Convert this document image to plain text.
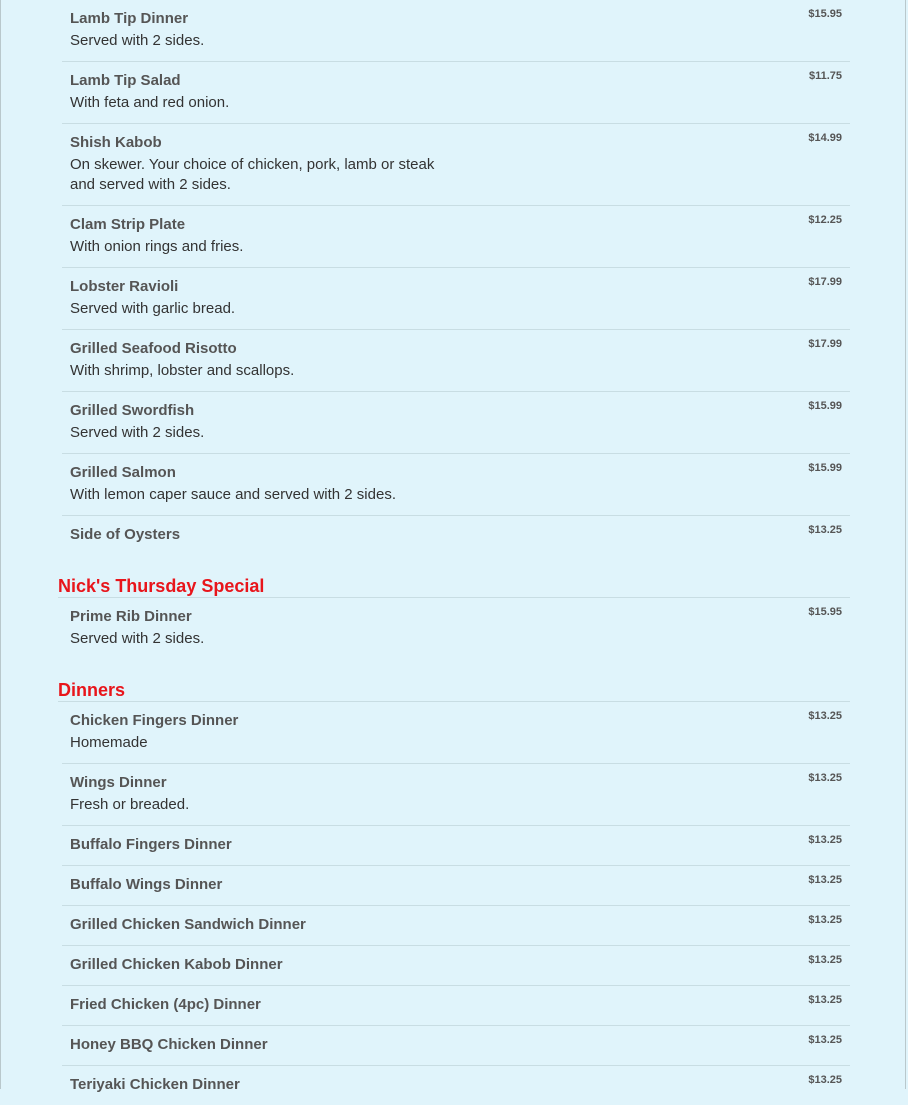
Lamb Tip Dinner
Served with 2 sides.
$15.95
Lamb Tip Salad
With feta and red onion.
$11.75
Shish Kabob
On skewer. Your choice of chicken, pork, lamb or steak and served with 2 sides.
$14.99
Clam Strip Plate
With onion rings and fries.
$12.25
Lobster Ravioli
Served with garlic bread.
$17.99
Grilled Seafood Risotto
With shrimp, lobster and scallops.
$17.99
Grilled Swordfish
Served with 2 sides.
$15.99
Grilled Salmon
With lemon caper sauce and served with 2 sides.
$15.99
Side of Oysters	$13.25
Nick's Thursday Special
Prime Rib Dinner
Served with 2 sides.
$15.95
Dinners
Chicken Fingers Dinner
Homemade
$13.25
Wings Dinner
Fresh or breaded.
$13.25
Buffalo Fingers Dinner	$13.25
Buffalo Wings Dinner	$13.25
Grilled Chicken Sandwich Dinner	$13.25
Grilled Chicken Kabob Dinner	$13.25
Fried Chicken (4pc) Dinner	$13.25
Honey BBQ Chicken Dinner	$13.25
Teriyaki Chicken Dinner	$13.25
